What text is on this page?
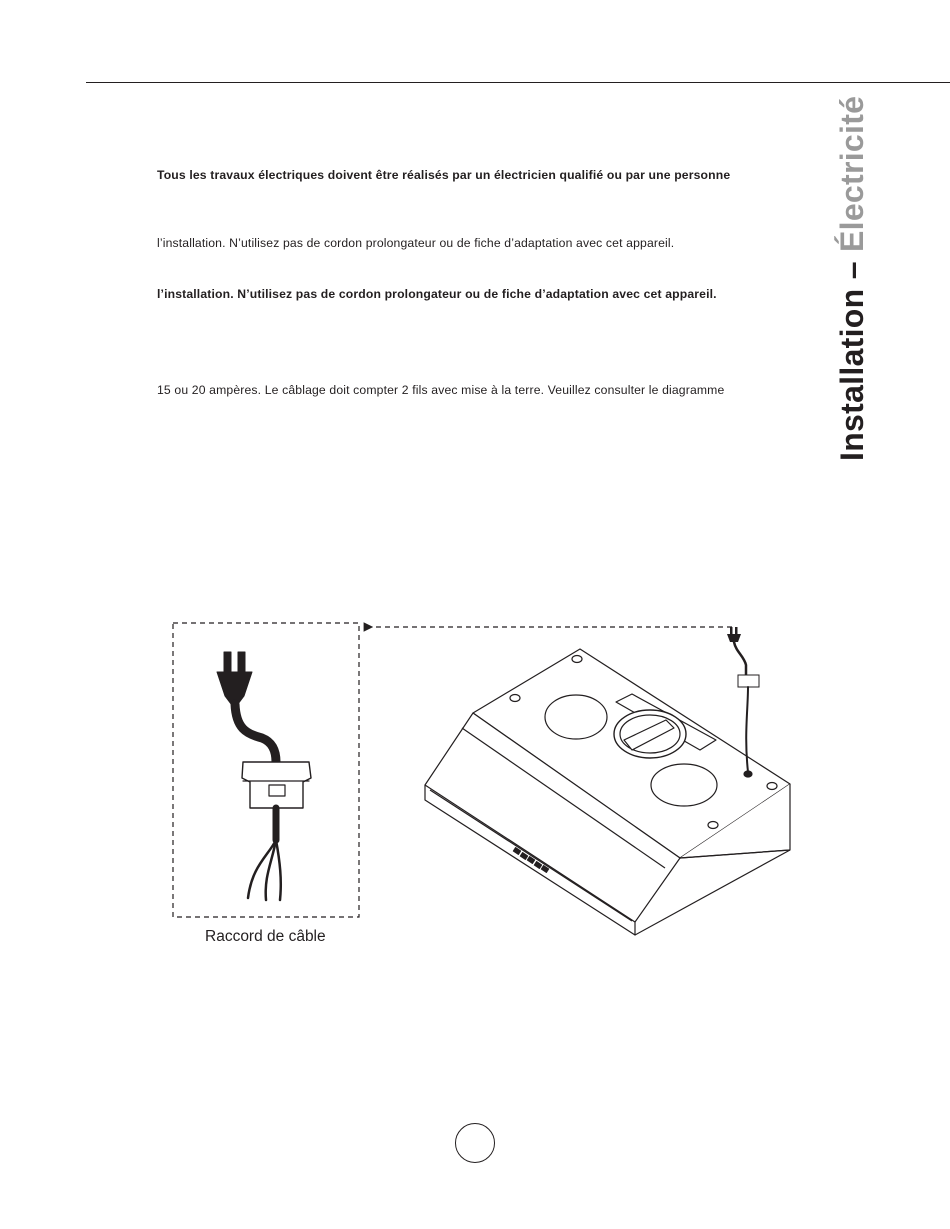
Installation – Électricité
Tous les travaux électriques doivent être réalisés par un électricien qualifié ou par une personne
l’installation. N’utilisez pas de cordon prolongateur ou de fiche d’adaptation avec cet appareil.
l’installation. N’utilisez pas de cordon prolongateur ou de fiche d’adaptation avec cet appareil.
15 ou 20 ampères. Le câblage doit compter 2 fils avec mise à la terre. Veuillez consulter le diagramme
Raccord de câble
